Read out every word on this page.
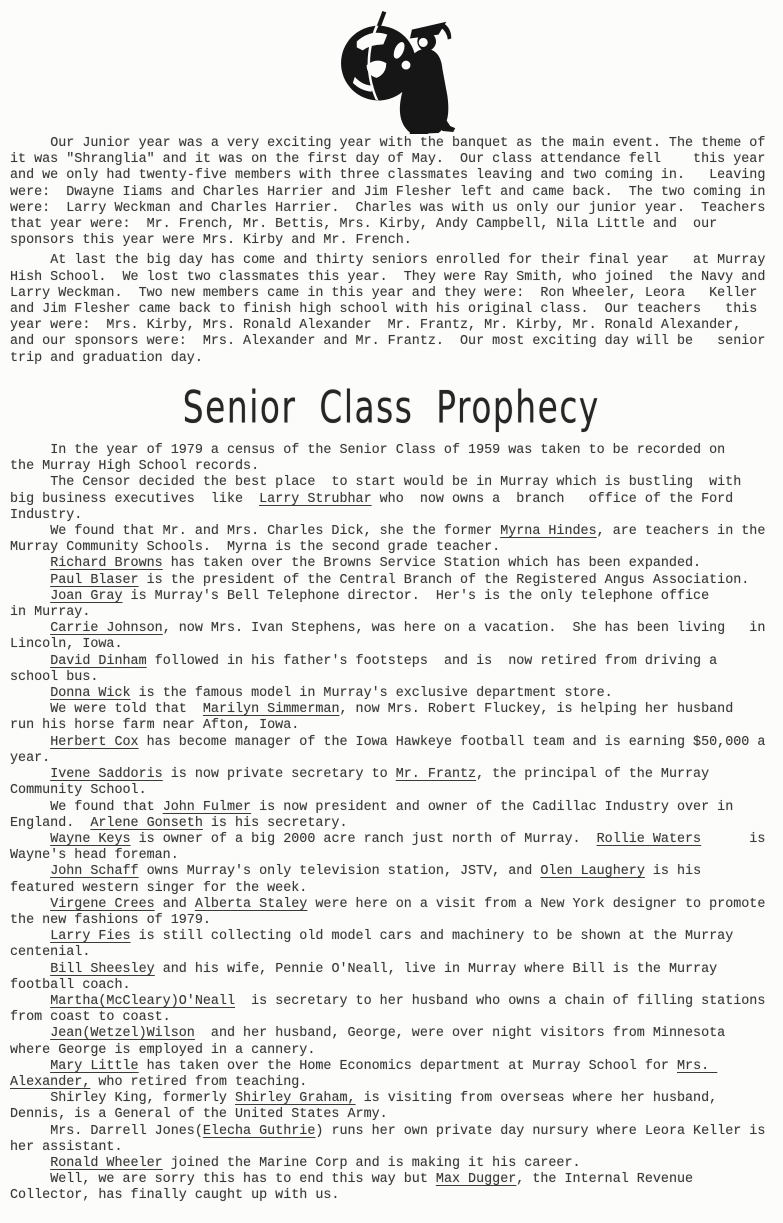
Our Junior year was a very exciting year with the banquet as the main event. The theme of it was "Shranglia" and it was on the first day of May.  Our class attendance fell    this year and we only had twenty-five members with three classmates leaving and two coming in.   Leaving were:  Dwayne Iiams and Charles Harrier and Jim Flesher left and came back.  The two coming in were:  Larry Weckman and Charles Harrier.  Charles was with us only our junior year.  Teachers that year were:  Mr. French, Mr. Bettis, Mrs. Kirby, Andy Campbell, Nila Little and  our sponsors this year were Mrs. Kirby and Mr. French.

At last the big day has come and thirty seniors enrolled for their final year   at Murray Hish School.  We lost two classmates this year.  They were Ray Smith, who joined  the Navy and Larry Weckman.  Two new members came in this year and they were:  Ron Wheeler, Leora   Keller and Jim Flesher came back to finish high school with his original class.  Our teachers   this year were:  Mrs. Kirby, Mrs. Ronald Alexander  Mr. Frantz, Mr. Kirby, Mr. Ronald Alexander, and our sponsors were:  Mrs. Alexander and Mr. Frantz.  Our most exciting day will be   senior trip and graduation day.

Senior Class Prophecy

In the year of 1979 a census of the Senior Class of 1959 was taken to be recorded on    the Murray High School records.

The Censor decided the best place  to start would be in Murray which is bustling  with big business executives  like  Larry Strubhar who  now owns a  branch   office of the Ford Industry.

We found that Mr. and Mrs. Charles Dick, she the former Myrna Hindes, are teachers in the Murray Community Schools.  Myrna is the second grade teacher.

Richard Browns has taken over the Browns Service Station which has been expanded.

Paul Blaser is the president of the Central Branch of the Registered Angus Association.

Joan Gray is Murray's Bell Telephone director.  Her's is the only telephone office      in Murray.

Carrie Johnson, now Mrs. Ivan Stephens, was here on a vacation.  She has been living   in Lincoln, Iowa.

David Dinham followed in his father's footsteps  and is  now retired from driving a school bus.

Donna Wick is the famous model in Murray's exclusive department store.

We were told that  Marilyn Simmerman, now Mrs. Robert Fluckey, is helping her husband  run his horse farm near Afton, Iowa.

Herbert Cox has become manager of the Iowa Hawkeye football team and is earning $50,000 a year.

Ivene Saddoris is now private secretary to Mr. Frantz, the principal of the Murray Community School.

We found that John Fulmer is now president and owner of the Cadillac Industry over in England.  Arlene Gonseth is his secretary.

Wayne Keys is owner of a big 2000 acre ranch just north of Murray.  Rollie Waters      is Wayne's head foreman.

John Schaff owns Murray's only television station, JSTV, and Olen Laughery is his featured western singer for the week.

Virgene Crees and Alberta Staley were here on a visit from a New York designer to promote the new fashions of 1979.

Larry Fies is still collecting old model cars and machinery to be shown at the Murray centenial.

Bill Sheesley and his wife, Pennie O'Neall, live in Murray where Bill is the Murray football coach.

Martha(McCleary)O'Neall  is secretary to her husband who owns a chain of filling stations from coast to coast.

Jean(Wetzel)Wilson  and her husband, George, were over night visitors from Minnesota where George is employed in a cannery.

Mary Little has taken over the Home Economics department at Murray School for Mrs. Alexander, who retired from teaching.

Shirley King, formerly Shirley Graham, is visiting from overseas where her husband, Dennis, is a General of the United States Army.

Mrs. Darrell Jones(Elecha Guthrie) runs her own private day nursury where Leora Keller is her assistant.

Ronald Wheeler joined the Marine Corp and is making it his career.

Well, we are sorry this has to end this way but Max Dugger, the Internal Revenue Collector, has finally caught up with us.
